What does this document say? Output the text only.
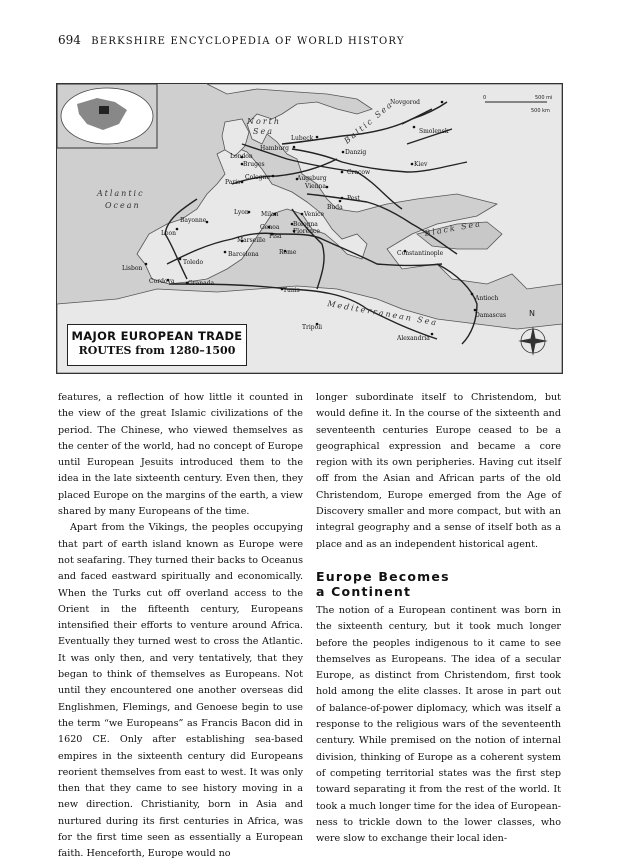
694 BERKSHIRE ENCYCLOPEDIA OF WORLD HISTORY
Atlantic
Ocean
North
Sea	Baltic Sea
Black Sea
Mediterranean Sea
0	500 mi
500 km
N
Novgorod
Smolensk
Kiev
Danzig
Lubeck
Hamburg
London
Bruges
Cologne
Paris
Augsburg
Vienna
Cracow
Pest
Buda
Lyon Milan	Venice
Bologna
Florence
Genoa
Pisa
Marseille
Barcelona	Rome
Bayonne
Leon
Toledo
Lisbon
Cordova Granada
Tunis
Tripoli
Alexandria
Constantinople
Antioch
Damascus
MAJOR EUROPEAN TRADE
ROUTES from 1280–1500

features, a reflection of how little it counted in the view of the great Islamic civilizations of the period. The Chinese, who viewed themselves as the center of the world, had no concept of Europe until European Jesuits introduced them to the idea in the late sixteenth century. Even then, they placed Europe on the margins of the earth, a view shared by many Europeans of the time.

Apart from the Vikings, the peoples occupying that part of earth island known as Europe were not seafaring. They turned their backs to Oceanus and faced eastward spiritually and economically. When the Turks cut off overland access to the Orient in the fifteenth century, Europeans intensified their efforts to venture around Africa. Eventually they turned west to cross the Atlantic. It was only then, and very tentatively, that they began to think of themselves as Europeans. Not until they encountered one another overseas did Englishmen, Flemings, and Genoese begin to use the term “we Europeans” as Francis Bacon did in 1620 CE. Only after establishing sea-based empires in the sixteenth century did Europeans reorient themselves from east to west. It was only then that they came to see history moving in a new direction. Christianity, born in Asia and nurtured during its first centuries in Africa, was for the first time seen as essentially a European faith. Henceforth, Europe would no

longer subordinate itself to Christendom, but would define it. In the course of the sixteenth and seventeenth centuries Europe ceased to be a geographical expression and became a core region with its own peripheries. Having cut itself off from the Asian and African parts of the old Christendom, Europe emerged from the Age of Discovery smaller and more compact, but with an integral geography and a sense of itself both as a place and as an independent historical agent.

Europe Becomes
a Continent

The notion of a European continent was born in the sixteenth century, but it took much longer before the peoples indigenous to it came to see themselves as Europeans. The idea of a secular Europe, as distinct from Christendom, first took hold among the elite classes. It arose in part out of balance-of-power diplomacy, which was itself a response to the religious wars of the seventeenth century. While premised on the notion of internal division, thinking of Europe as a coherent system of competing territorial states was the first step toward separating it from the rest of the world. It took a much longer time for the idea of European-ness to trickle down to the lower classes, who were slow to exchange their local iden-
